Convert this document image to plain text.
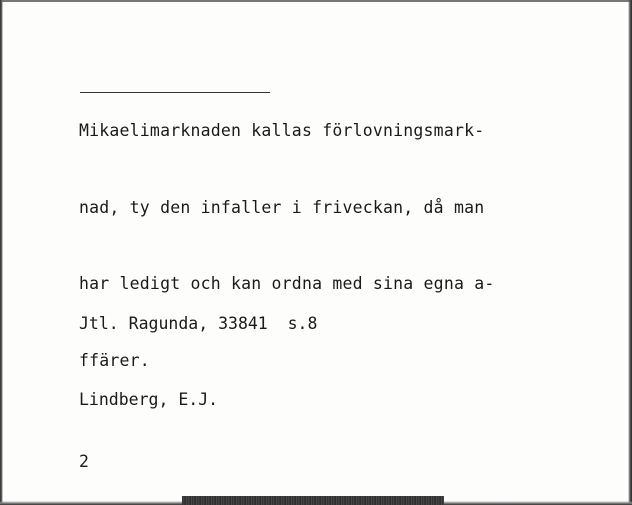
Mikaelimarknaden kallas förlovningsmark-

nad, ty den infaller i friveckan, då man

har ledigt och kan ordna med sina egna a-

ffärer.

Jtl. Ragunda, 33841  s.8

Lindberg, E.J.

2
